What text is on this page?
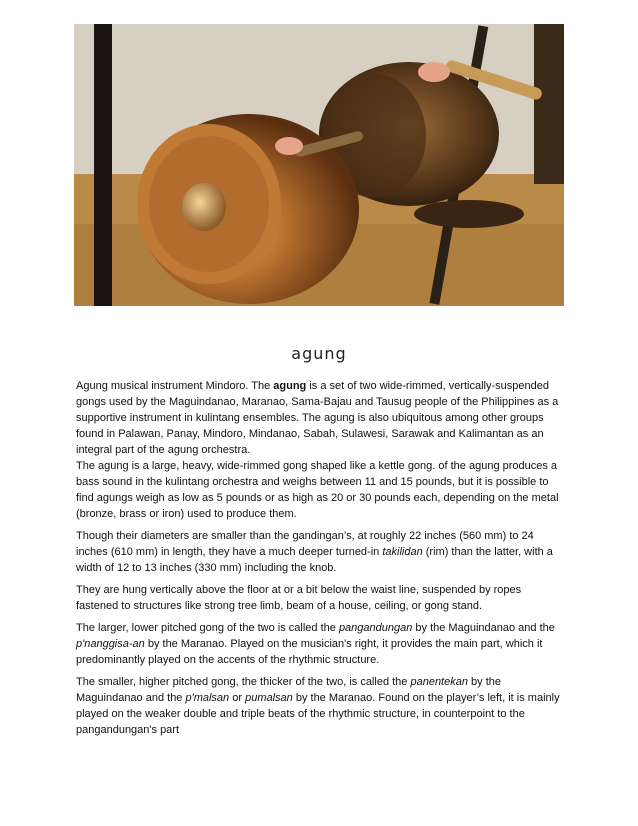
agung

Agung musical instrument Mindoro. The agung is a set of two wide-rimmed, vertically-suspended gongs used by the Maguindanao, Maranao, Sama-Bajau and Tausug people of the Philippines as a supportive instrument in kulintang ensembles. The agung is also ubiquitous among other groups found in Palawan, Panay, Mindoro, Mindanao, Sabah, Sulawesi, Sarawak and Kalimantan as an integral part of the agung orchestra.

The agung is a large, heavy, wide-rimmed gong shaped like a kettle gong. of the agung produces a bass sound in the kulintang orchestra and weighs between 11 and 15 pounds, but it is possible to find agungs weigh as low as 5 pounds or as high as 20 or 30 pounds each, depending on the metal (bronze, brass or iron) used to produce them.

Though their diameters are smaller than the gandingan’s, at roughly 22 inches (560 mm) to 24 inches (610 mm) in length, they have a much deeper turned-in takilidan (rim) than the latter, with a width of 12 to 13 inches (330 mm) including the knob.

They are hung vertically above the floor at or a bit below the waist line, suspended by ropes fastened to structures like strong tree limb, beam of a house, ceiling, or gong stand.

The larger, lower pitched gong of the two is called the pangandungan by the Maguindanao and the p'nanggisa-an by the Maranao. Played on the musician's right, it provides the main part, which it predominantly played on the accents of the rhythmic structure.

The smaller, higher pitched gong, the thicker of the two, is called the panentekan by the Maguindanao and the p'malsan or pumalsan by the Maranao. Found on the player’s left, it is mainly played on the weaker double and triple beats of the rhythmic structure, in counterpoint to the pangandungan's part
